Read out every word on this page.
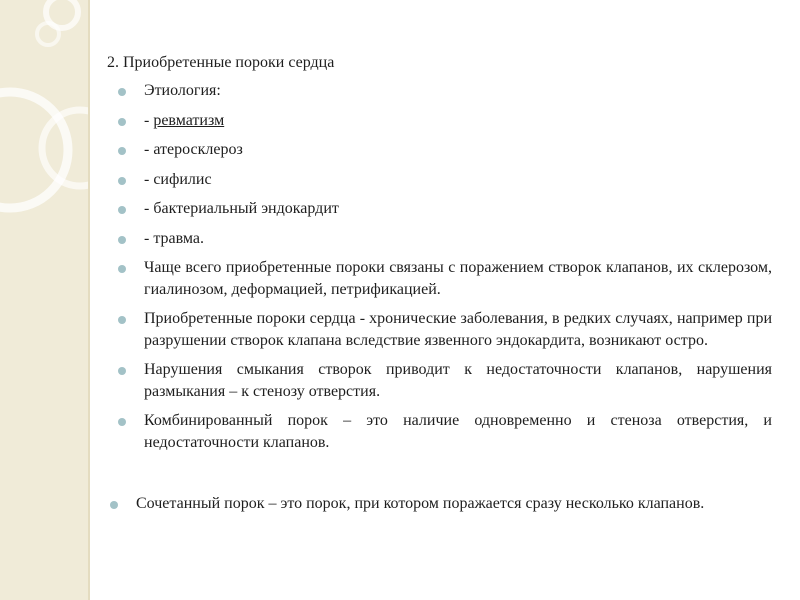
2. Приобретенные пороки сердца
Этиология:
- ревматизм
- атеросклероз
- сифилис
- бактериальный эндокардит
- травма.
Чаще всего приобретенные пороки связаны с поражением створок клапанов, их склерозом, гиалинозом, деформацией, петрификацией.
Приобретенные пороки сердца - хронические заболевания, в редких случаях, например при разрушении створок клапана вследствие язвенного эндокардита, возникают остро.
Нарушения смыкания створок приводит к недостаточности клапанов, нарушения размыкания – к стенозу отверстия.
Комбинированный порок – это наличие одновременно и стеноза отверстия, и недостаточности клапанов.
Сочетанный порок – это порок, при котором поражается сразу несколько клапанов.
